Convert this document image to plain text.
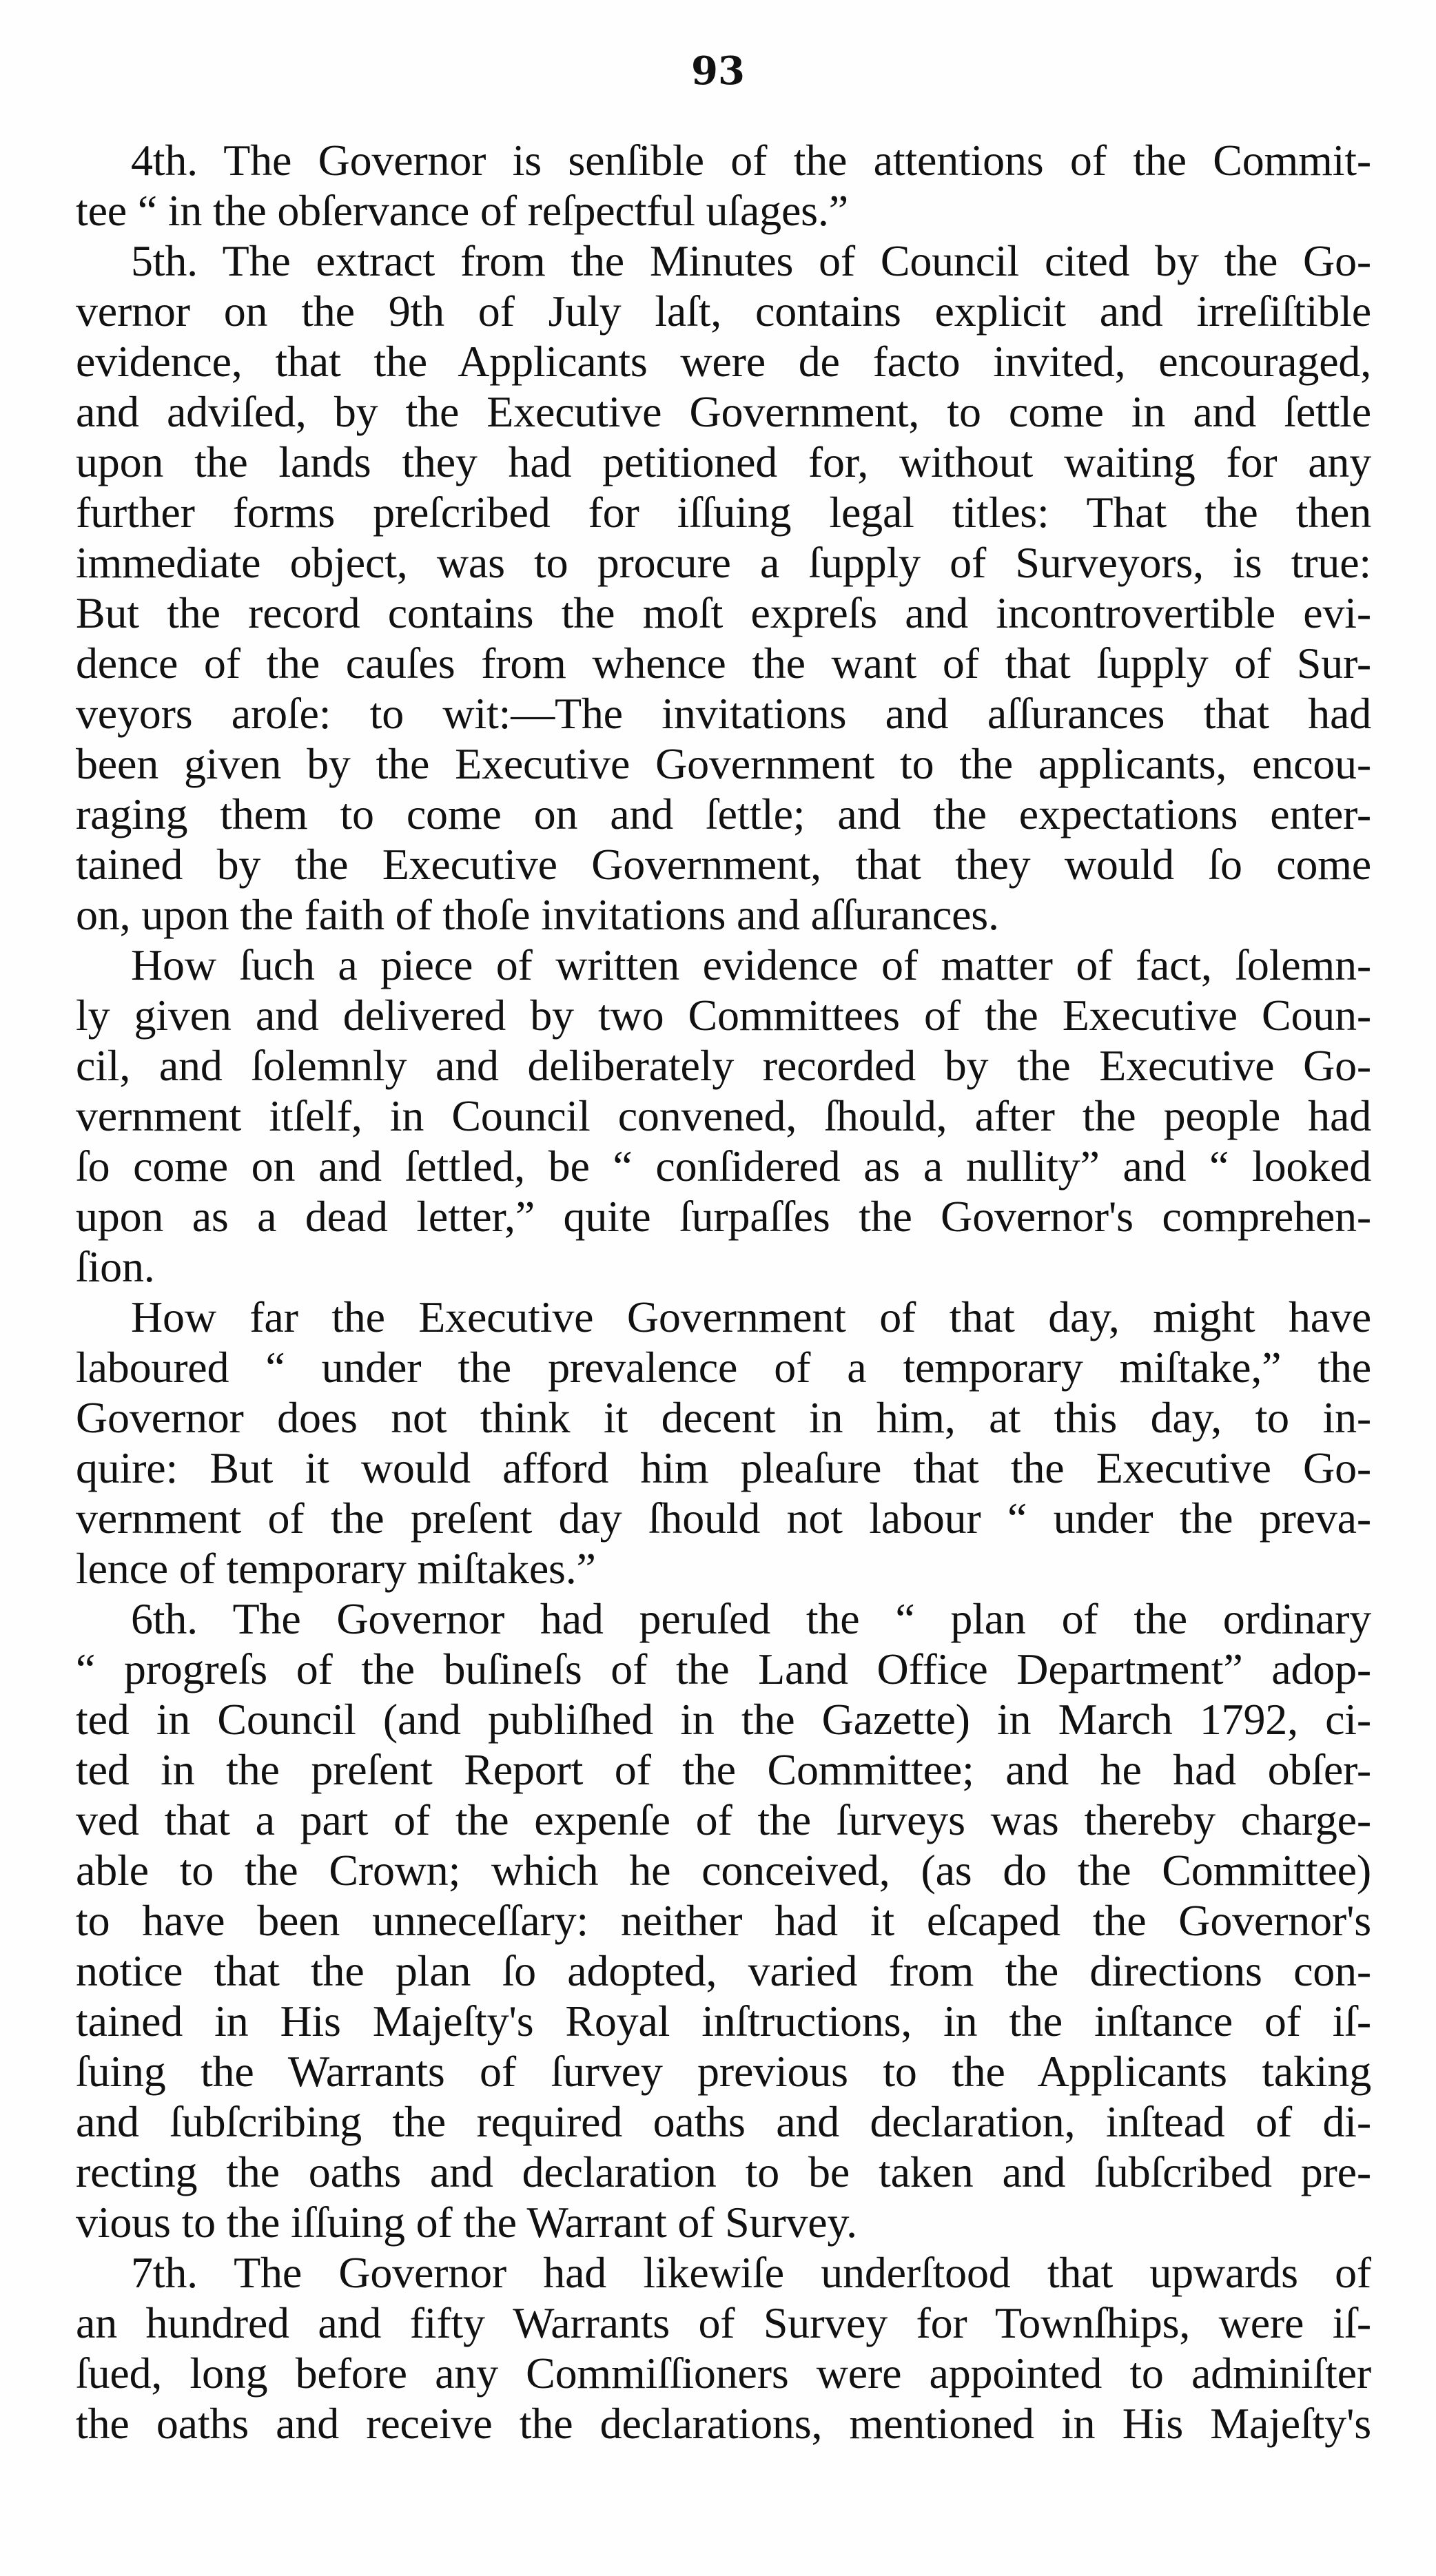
93
4th. The Governor is senſible of the attentions of the Commit-
tee “ in the obſervance of reſpectful uſages.”
5th. The extract from the Minutes of Council cited by the Go-
vernor on the 9th of July laſt, contains explicit and irreſiſtible
evidence, that the Applicants were de facto invited, encouraged,
and adviſed, by the Executive Government, to come in and ſettle
upon the lands they had petitioned for, without waiting for any
further forms preſcribed for iſſuing legal titles: That the then
immediate object, was to procure a ſupply of Surveyors, is true:
But the record contains the moſt expreſs and incontrovertible evi-
dence of the cauſes from whence the want of that ſupply of Sur-
veyors aroſe: to wit:—The invitations and aſſurances that had
been given by the Executive Government to the applicants, encou-
raging them to come on and ſettle; and the expectations enter-
tained by the Executive Government, that they would ſo come
on, upon the faith of thoſe invitations and aſſurances.
How ſuch a piece of written evidence of matter of fact, ſolemn-
ly given and delivered by two Committees of the Executive Coun-
cil, and ſolemnly and deliberately recorded by the Executive Go-
vernment itſelf, in Council convened, ſhould, after the people had
ſo come on and ſettled, be “ conſidered as a nullity” and “ looked
upon as a dead letter,” quite ſurpaſſes the Governor's comprehen-
ſion.
How far the Executive Government of that day, might have
laboured “ under the prevalence of a temporary miſtake,” the
Governor does not think it decent in him, at this day, to in-
quire: But it would afford him pleaſure that the Executive Go-
vernment of the preſent day ſhould not labour “ under the preva-
lence of temporary miſtakes.”
6th. The Governor had peruſed the “ plan of the ordinary
“ progreſs of the buſineſs of the Land Office Department” adop-
ted in Council (and publiſhed in the Gazette) in March 1792, ci-
ted in the preſent Report of the Committee; and he had obſer-
ved that a part of the expenſe of the ſurveys was thereby charge-
able to the Crown; which he conceived, (as do the Committee)
to have been unneceſſary: neither had it eſcaped the Governor's
notice that the plan ſo adopted, varied from the directions con-
tained in His Majeſty's Royal inſtructions, in the inſtance of iſ-
ſuing the Warrants of ſurvey previous to the Applicants taking
and ſubſcribing the required oaths and declaration, inſtead of di-
recting the oaths and declaration to be taken and ſubſcribed pre-
vious to the iſſuing of the Warrant of Survey.
7th. The Governor had likewiſe underſtood that upwards of
an hundred and fifty Warrants of Survey for Townſhips, were iſ-
ſued, long before any Commiſſioners were appointed to adminiſter
the oaths and receive the declarations, mentioned in His Majeſty's
